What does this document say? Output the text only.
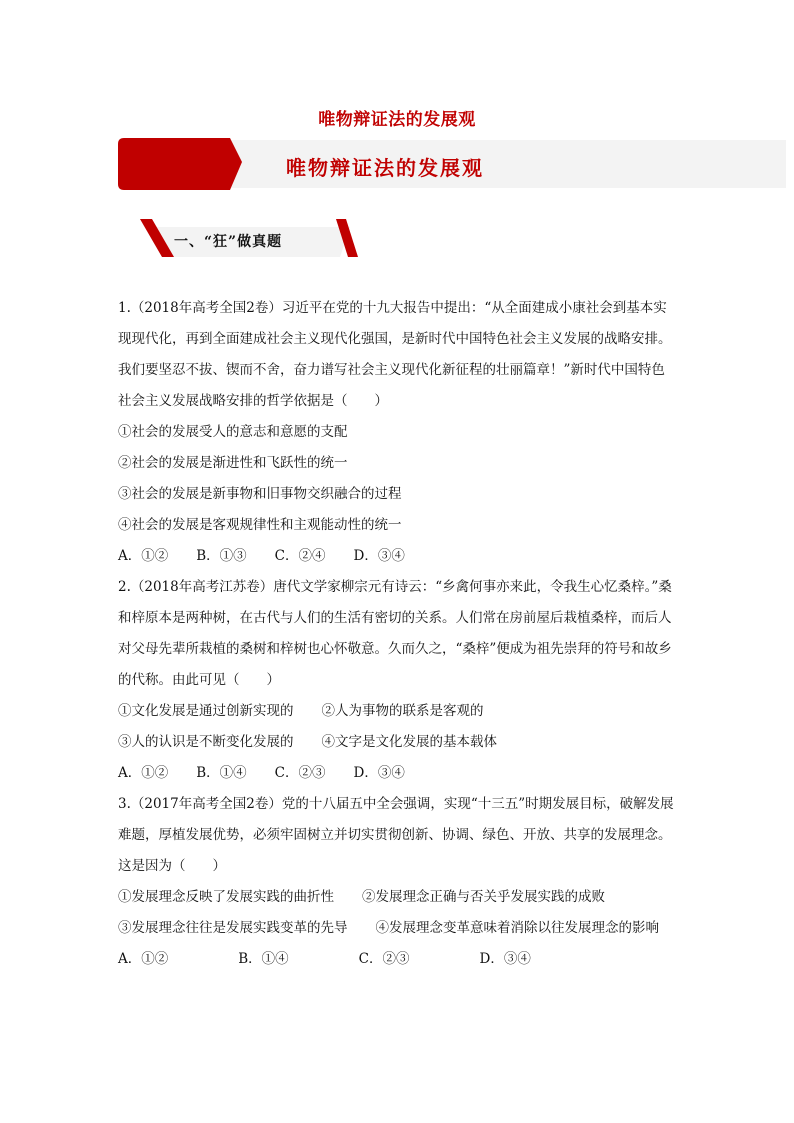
唯物辩证法的发展观
唯物辩证法的发展观
一、“狂”做真题

1.（2018年高考全国2卷）习近平在党的十九大报告中提出：“从全面建成小康社会到基本实现现代化，再到全面建成社会主义现代化强国，是新时代中国特色社会主义发展的战略安排。我们要坚忍不拔、锲而不舍，奋力谱写社会主义现代化新征程的壮丽篇章！”新时代中国特色社会主义发展战略安排的哲学依据是（　　）

①社会的发展受人的意志和意愿的支配

②社会的发展是渐进性和飞跃性的统一

③社会的发展是新事物和旧事物交织融合的过程

④社会的发展是客观规律性和主观能动性的统一

A．①② B．①③ C．②④ D．③④

2.（2018年高考江苏卷）唐代文学家柳宗元有诗云：“乡禽何事亦来此，令我生心忆桑梓。”桑和梓原本是两种树，在古代与人们的生活有密切的关系。人们常在房前屋后栽植桑梓，而后人对父母先辈所栽植的桑树和梓树也心怀敬意。久而久之，“桑梓”便成为祖先崇拜的符号和故乡的代称。由此可见（　　）

①文化发展是通过创新实现的 ②人为事物的联系是客观的

③人的认识是不断变化发展的 ④文字是文化发展的基本载体

A．①② B．①④ C．②③ D．③④

3.（2017年高考全国2卷）党的十八届五中全会强调，实现“十三五”时期发展目标，破解发展难题，厚植发展优势，必须牢固树立并切实贯彻创新、协调、绿色、开放、共享的发展理念。这是因为（　　）

①发展理念反映了发展实践的曲折性 ②发展理念正确与否关乎发展实践的成败

③发展理念往往是发展实践变革的先导 ④发展理念变革意味着消除以往发展理念的影响

A．①②	B．①④	C．②③	D．③④
